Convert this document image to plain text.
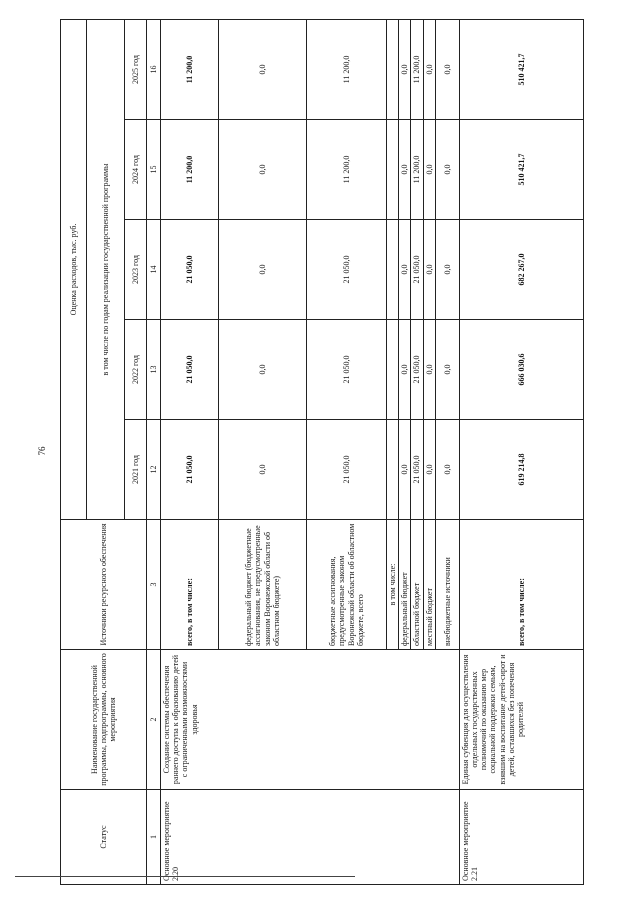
76
Статус	Наименование государственной программы, подпрограммы, основного мероприятия	Источники ресурсного обеспечения	Оценка расходов, тыс. руб.				
			в том числе по годам реализации государственной программы				
			2021 год	2022 год	2023 год	2024 год	2025 год
1	2	3	12	13	14	15	16
Основное мероприятие 2.20	Создание системы обеспечения раннего доступа к образованию детей с ограниченными возможностями здоровья	всего, в том числе:	21 050,0	21 050,0	21 050,0	11 200,0	11 200,0
		федеральный бюджет (бюджетные ассигнования, не предусмотренные законом Воронежской области об областном бюджете)	0,0	0,0	0,0	0,0	0,0
		бюджетные ассигнования, предусмотренные законом Воронежской области об областном бюджете, всего	21 050,0	21 050,0	21 050,0	11 200,0	11 200,0
		в том числе:					
		федеральный бюджет	0,0	0,0	0,0	0,0	0,0
		областной бюджет	21 050,0	21 050,0	21 050,0	11 200,0	11 200,0
		местный бюджет	0,0	0,0	0,0	0,0	0,0
		внебюджетные источники	0,0	0,0	0,0	0,0	0,0
Основное мероприятие 2.21	Единая субвенция для осуществления отдельных государственных полномочий по оказанию мер социальной поддержки семьям, взявшим на воспитание детей-сирот и детей, оставшихся без попечения родителей	всего, в том числе:	619 214,8	666 030,6	682 267,0	510 421,7	510 421,7
